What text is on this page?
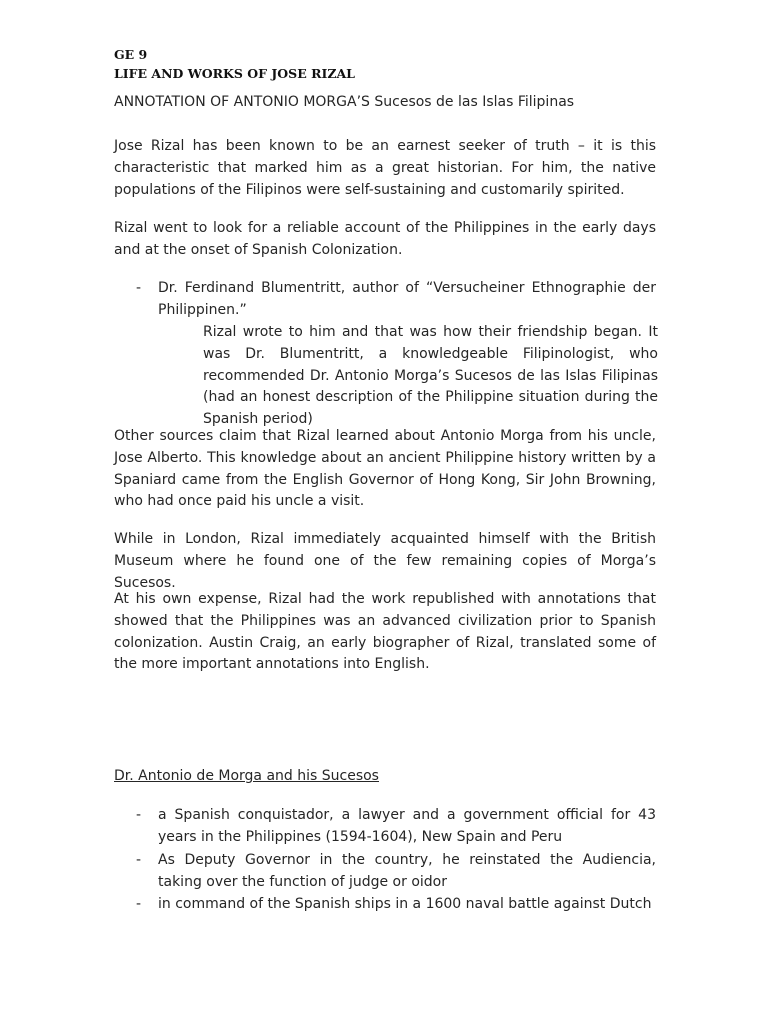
GE 9
LIFE AND WORKS OF JOSE RIZAL
ANNOTATION OF ANTONIO MORGA’S Sucesos de las Islas Filipinas
Jose Rizal has been known to be an earnest seeker of truth – it is this characteristic that marked him as a great historian. For him, the native populations of the Filipinos were self-sustaining and customarily spirited.
Rizal went to look for a reliable account of the Philippines in the early days and at the onset of Spanish Colonization.
- Dr. Ferdinand Blumentritt, author of “Versucheiner Ethnographie der Philippinen.”
Rizal wrote to him and that was how their friendship began. It was Dr. Blumentritt, a knowledgeable Filipinologist, who recommended Dr. Antonio Morga’s Sucesos de las Islas Filipinas (had an honest description of the Philippine situation during the Spanish period)
Other sources claim that Rizal learned about Antonio Morga from his uncle, Jose Alberto. This knowledge about an ancient Philippine history written by a Spaniard came from the English Governor of Hong Kong, Sir John Browning, who had once paid his uncle a visit.
While in London, Rizal immediately acquainted himself with the British Museum where he found one of the few remaining copies of Morga’s Sucesos.
At his own expense, Rizal had the work republished with annotations that showed that the Philippines was an advanced civilization prior to Spanish colonization. Austin Craig, an early biographer of Rizal, translated some of the more important annotations into English.
Dr. Antonio de Morga and his Sucesos
- a Spanish conquistador, a lawyer and a government official for 43 years in the Philippines (1594-1604), New Spain and Peru
- As Deputy Governor in the country, he reinstated the Audiencia, taking over the function of judge or oidor
- in command of the Spanish ships in a 1600 naval battle against Dutch
